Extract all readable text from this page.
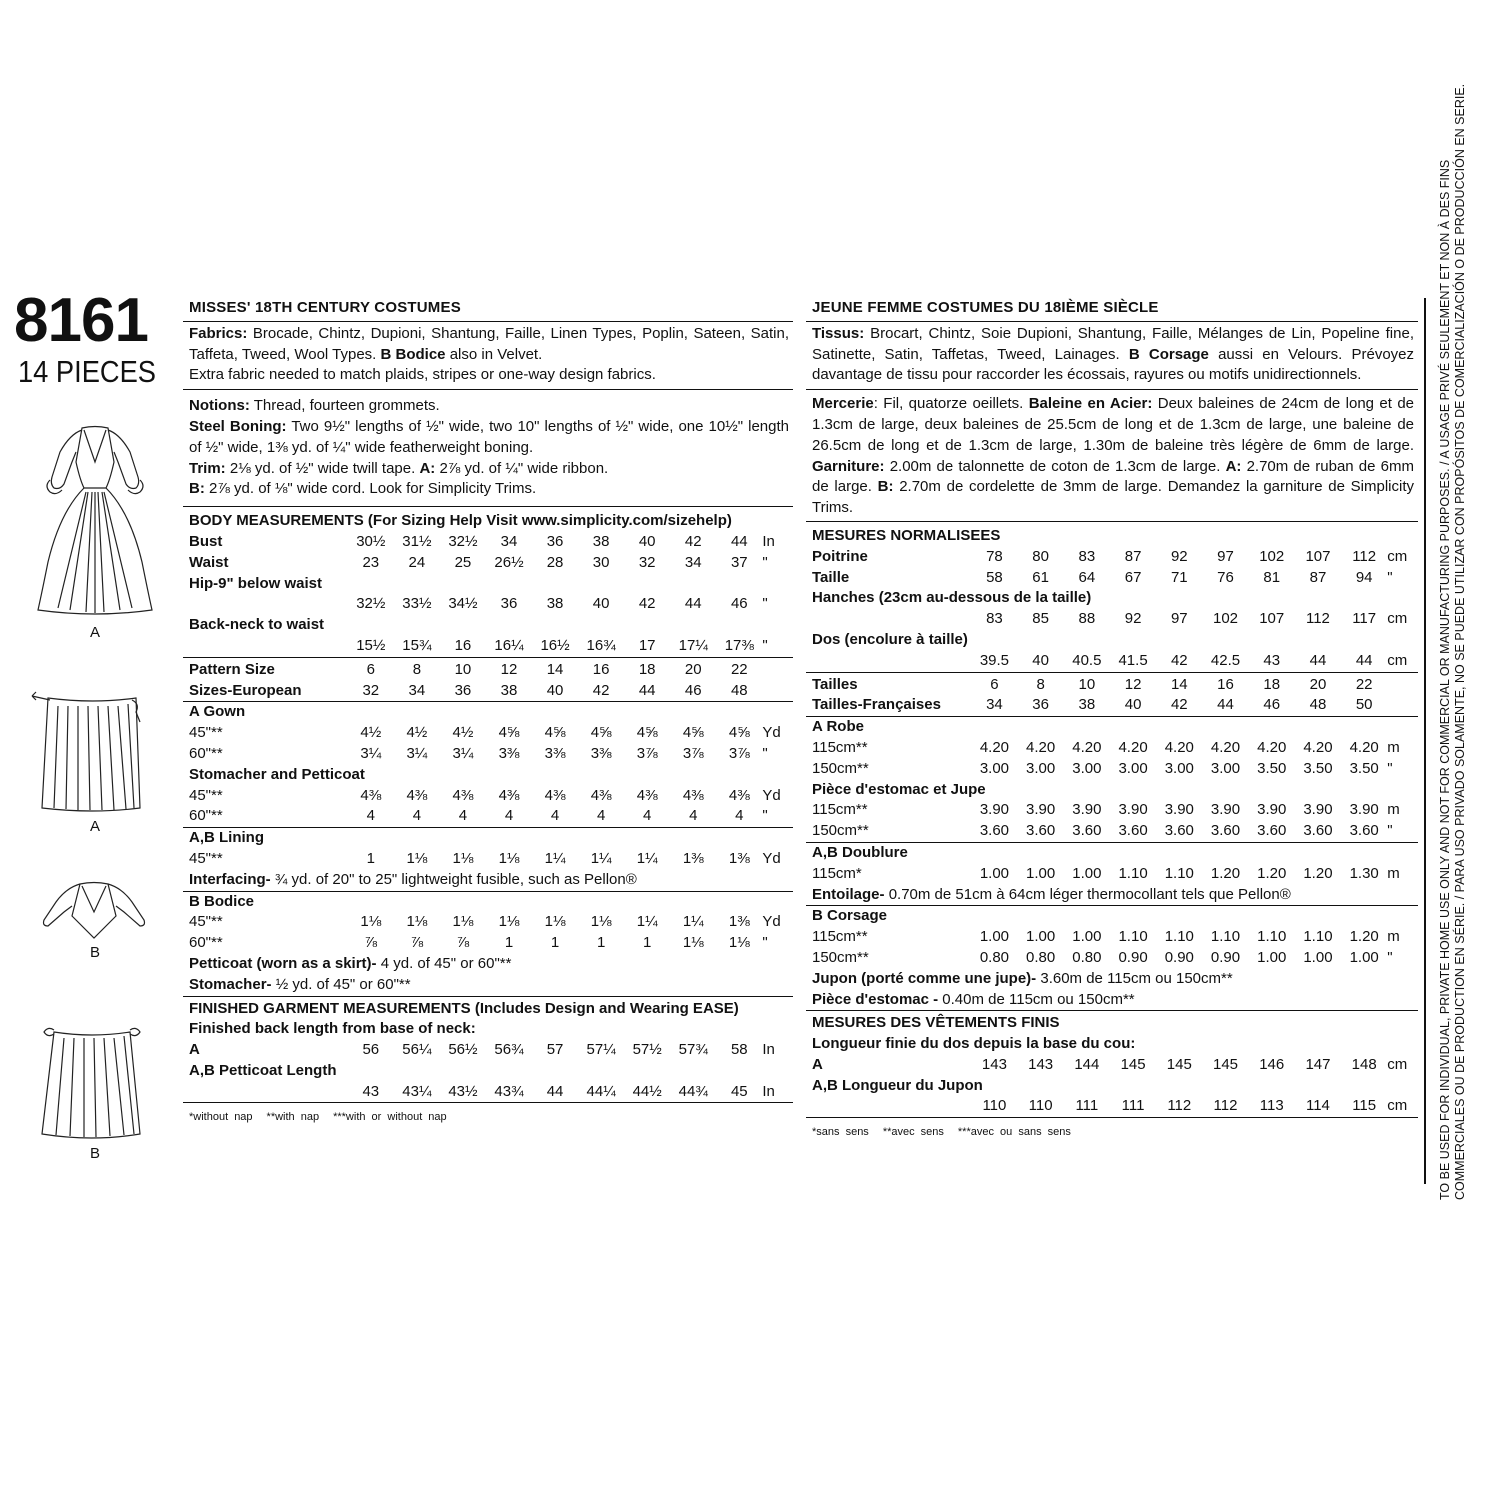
8161
14 PIECES
A
A
B
B
MISSES' 18TH CENTURY COSTUMES
Fabrics: Brocade, Chintz, Dupioni, Shantung, Faille, Linen Types, Poplin, Sateen, Satin, Taffeta, Tweed, Wool Types. B Bodice also in Velvet.
Extra fabric needed to match plaids, stripes or one-way design fabrics.
Notions: Thread, fourteen grommets.
Steel Boning: Two 9½" lengths of ½" wide, two 10" lengths of ½" wide, one 10½" length of ½" wide, 1⅜ yd. of ¼" wide featherweight boning.
Trim: 2⅛ yd. of ½" wide twill tape. A: 2⅞ yd. of ¼" wide ribbon.
B: 2⅞ yd. of ⅛" wide cord. Look for Simplicity Trims.
BODY MEASUREMENTS (For Sizing Help Visit www.simplicity.com/sizehelp)
Bust	30½	31½	32½	34	36	38	40	42	44	In
Waist	23	24	25	26½	28	30	32	34	37	"
Hip-9" below waist										
	32½	33½	34½	36	38	40	42	44	46	"
Back-neck to waist										
	15½	15¾	16	16¼	16½	16¾	17	17¼	17⅜	"
Pattern Size	6	8	10	12	14	16	18	20	22	
Sizes-European	32	34	36	38	40	42	44	46	48	
A Gown										
45"**	4½	4½	4½	4⅝	4⅝	4⅝	4⅝	4⅝	4⅝	Yd
60"**	3¼	3¼	3¼	3⅜	3⅜	3⅜	3⅞	3⅞	3⅞	"
Stomacher and Petticoat										
45"**	4⅜	4⅜	4⅜	4⅜	4⅜	4⅜	4⅜	4⅜	4⅜	Yd
60"**	4	4	4	4	4	4	4	4	4	"
A,B Lining
45"**	1	1⅛	1⅛	1⅛	1¼	1¼	1¼	1⅜	1⅜	Yd
Interfacing- ¾ yd. of 20" to 25" lightweight fusible, such as Pellon®
B Bodice										
45"**	1⅛	1⅛	1⅛	1⅛	1⅛	1⅛	1¼	1¼	1⅜	Yd
60"**	⅞	⅞	⅞	1	1	1	1	1⅛	1⅛	"
Petticoat (worn as a skirt)- 4 yd. of 45" or 60"**
Stomacher- ½ yd. of 45" or 60"**
FINISHED GARMENT MEASUREMENTS (Includes Design and Wearing EASE)
Finished back length from base of neck:										
A	56	56¼	56½	56¾	57	57¼	57½	57¾	58	In
A,B Petticoat Length										
	43	43¼	43½	43¾	44	44¼	44½	44¾	45	In
*without nap **with nap ***with or without nap
JEUNE FEMME COSTUMES DU 18IÈME SIÈCLE
Tissus: Brocart, Chintz, Soie Dupioni, Shantung, Faille, Mélanges de Lin, Popeline fine, Satinette, Satin, Taffetas, Tweed, Lainages. B Corsage aussi en Velours. Prévoyez davantage de tissu pour raccorder les écossais, rayures ou motifs unidirectionnels.
Mercerie: Fil, quatorze oeillets. Baleine en Acier: Deux baleines de 24cm de long et de 1.3cm de large, deux baleines de 25.5cm de long et de 1.3cm de large, une baleine de 26.5cm de long et de 1.3cm de large, 1.30m de baleine très légère de 6mm de large. Garniture: 2.00m de talonnette de coton de 1.3cm de large. A: 2.70m de ruban de 6mm de large. B: 2.70m de cordelette de 3mm de large. Demandez la garniture de Simplicity Trims.
MESURES NORMALISEES
Poitrine	78	80	83	87	92	97	102	107	112	cm
Taille	58	61	64	67	71	76	81	87	94	"
Hanches (23cm au-dessous de la taille)										
	83	85	88	92	97	102	107	112	117	cm
Dos (encolure à taille)										
	39.5	40	40.5	41.5	42	42.5	43	44	44	cm
Tailles	6	8	10	12	14	16	18	20	22	
Tailles-Françaises	34	36	38	40	42	44	46	48	50	
A Robe										
115cm**	4.20	4.20	4.20	4.20	4.20	4.20	4.20	4.20	4.20	m
150cm**	3.00	3.00	3.00	3.00	3.00	3.00	3.50	3.50	3.50	"
Pièce d'estomac et Jupe										
115cm**	3.90	3.90	3.90	3.90	3.90	3.90	3.90	3.90	3.90	m
150cm**	3.60	3.60	3.60	3.60	3.60	3.60	3.60	3.60	3.60	"
A,B Doublure
115cm*	1.00	1.00	1.00	1.10	1.10	1.20	1.20	1.20	1.30	m
Entoilage- 0.70m de 51cm à 64cm léger thermocollant tels que Pellon®
B Corsage										
115cm**	1.00	1.00	1.00	1.10	1.10	1.10	1.10	1.10	1.20	m
150cm**	0.80	0.80	0.80	0.90	0.90	0.90	1.00	1.00	1.00	"
Jupon (porté comme une jupe)- 3.60m de 115cm ou 150cm**
Pièce d'estomac - 0.40m de 115cm ou 150cm**
MESURES DES VÊTEMENTS FINIS
Longueur finie du dos depuis la base du cou:										
A	143	143	144	145	145	145	146	147	148	cm
A,B Longueur du Jupon										
	110	110	111	111	112	112	113	114	115	cm
*sans sens **avec sens ***avec ou sans sens	TO BE USED FOR INDIVIDUAL, PRIVATE HOME USE ONLY AND NOT FOR COMMERCIAL OR MANUFACTURING PURPOSES. / A USAGE PRIVÉ SEULEMENT ET NON À DES FINS COMMERCIALES OU DE PRODUCTION EN SÉRIE. / PARA USO PRIVADO SOLAMENTE, NO SE PUEDE UTILIZAR CON PROPÓSITOS DE COMERCIALIZACIÓN O DE PRODUCCIÓN EN SERIE.
